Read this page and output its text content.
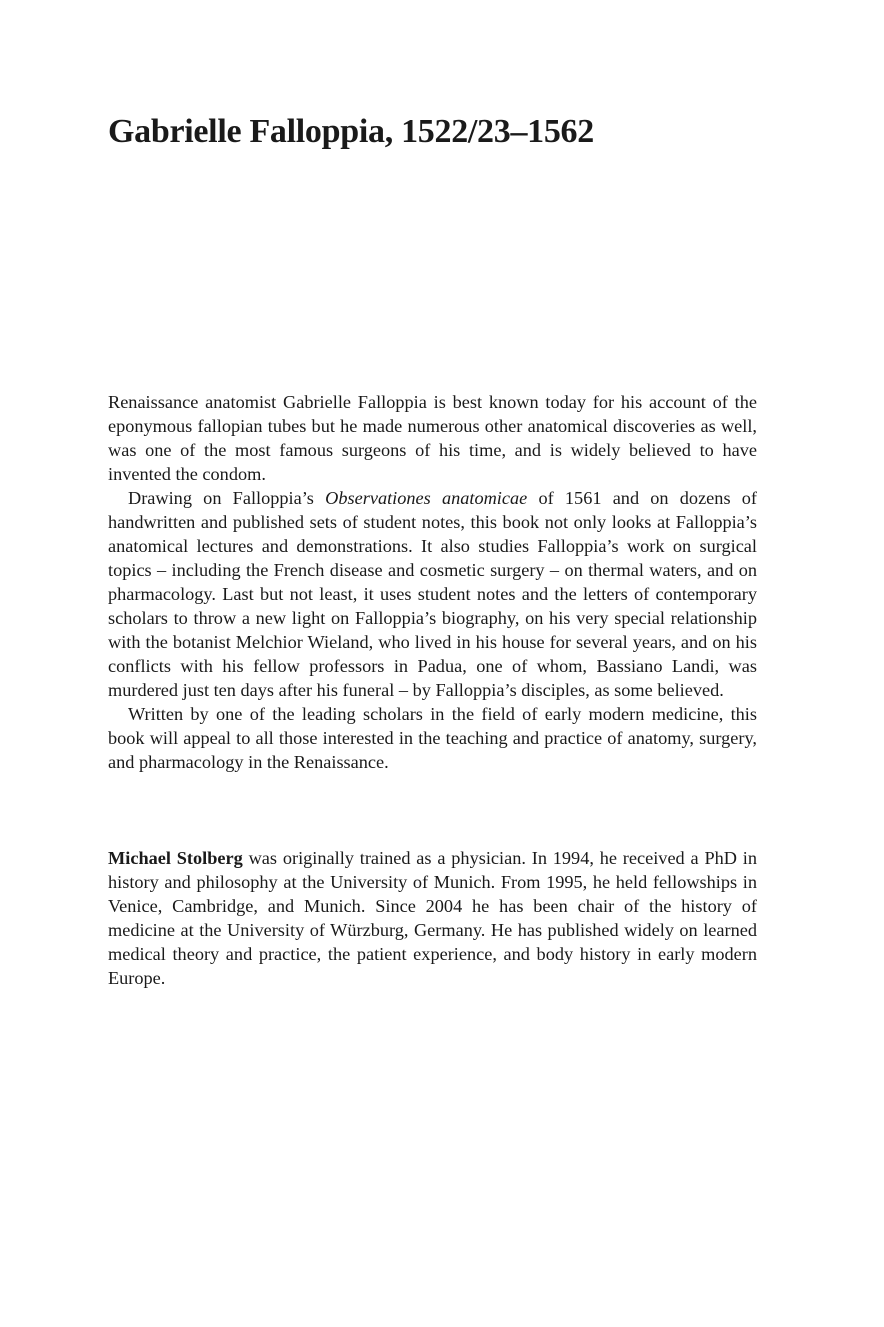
Gabrielle Falloppia, 1522/23–1562

Renaissance anatomist Gabrielle Falloppia is best known today for his account of the eponymous fallopian tubes but he made numerous other anatomical discoveries as well, was one of the most famous surgeons of his time, and is widely believed to have invented the condom.

Drawing on Falloppia’s Observationes anatomicae of 1561 and on dozens of handwritten and published sets of student notes, this book not only looks at Falloppia’s anatomical lectures and demonstrations. It also studies Falloppia’s work on surgical topics – including the French disease and cosmetic surgery – on thermal waters, and on pharmacology. Last but not least, it uses student notes and the letters of contemporary scholars to throw a new light on Falloppia’s biography, on his very special relationship with the botanist Melchior Wieland, who lived in his house for several years, and on his conflicts with his fellow professors in Padua, one of whom, Bassiano Landi, was murdered just ten days after his funeral – by Falloppia’s disciples, as some believed.

Written by one of the leading scholars in the field of early modern medicine, this book will appeal to all those interested in the teaching and practice of anatomy, surgery, and pharmacology in the Renaissance.

Michael Stolberg was originally trained as a physician. In 1994, he received a PhD in history and philosophy at the University of Munich. From 1995, he held fellowships in Venice, Cambridge, and Munich. Since 2004 he has been chair of the history of medicine at the University of Würzburg, Germany. He has published widely on learned medical theory and practice, the patient experience, and body history in early modern Europe.
